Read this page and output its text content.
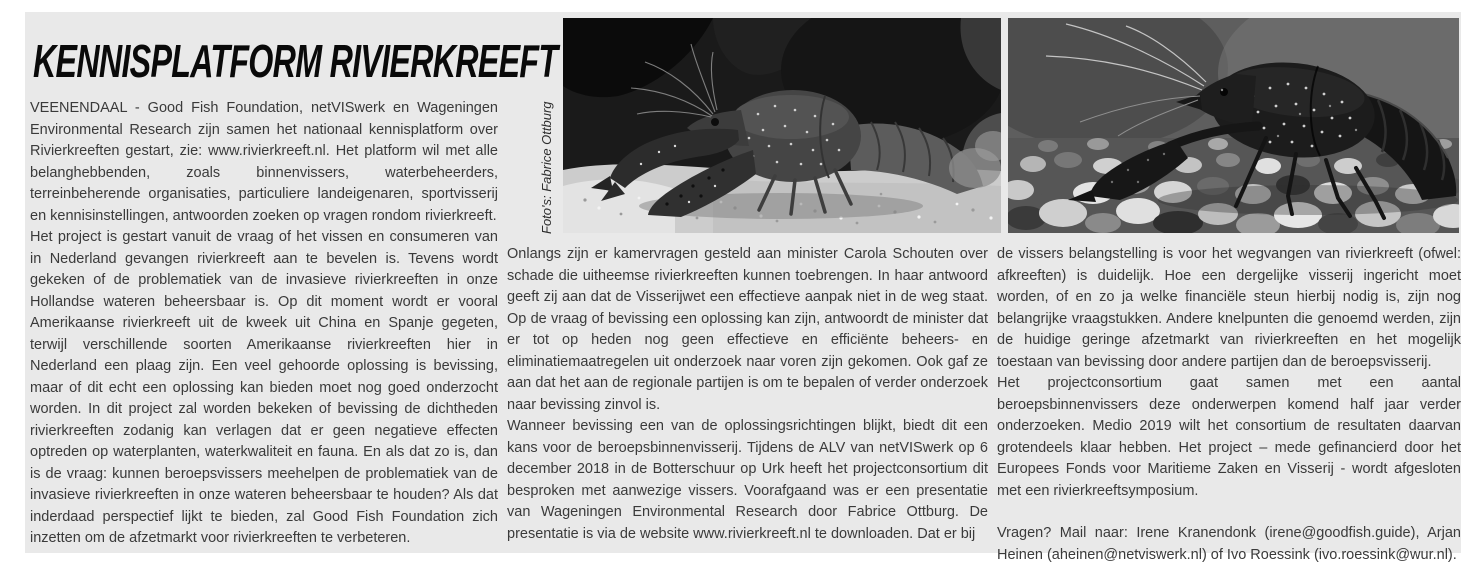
KENNISPLATFORM RIVIERKREEFT
Foto's: Fabrice Ottburg

VEENENDAAL - Good Fish Foundation, netVISwerk en Wageningen Environmental Research zijn samen het nationaal kennisplatform over Rivierkreeften gestart, zie: www.rivierkreeft.nl. Het platform wil met alle belanghebbenden, zoals binnenvissers, waterbeheerders, terreinbeherende organisaties, particuliere landeigenaren, sportvisserij en kennisinstellingen, antwoorden zoeken op vragen rondom rivierkreeft.

Het project is gestart vanuit de vraag of het vissen en consumeren van in Nederland gevangen rivierkreeft aan te bevelen is. Tevens wordt gekeken of de problematiek van de invasieve rivierkreeften in onze Hollandse wateren beheersbaar is. Op dit moment wordt er vooral Amerikaanse rivierkreeft uit de kweek uit China en Spanje gegeten, terwijl verschillende soorten Amerikaanse rivierkreeften hier in Nederland een plaag zijn. Een veel gehoorde oplossing is bevissing, maar of dit echt een oplossing kan bieden moet nog goed onderzocht worden. In dit project zal worden bekeken of bevissing de dichtheden rivierkreeften zodanig kan verlagen dat er geen negatieve effecten optreden op waterplanten, waterkwaliteit en fauna. En als dat zo is, dan is de vraag: kunnen beroepsvissers meehelpen de problematiek van de invasieve rivierkreeften in onze wateren beheersbaar te houden? Als dat inderdaad perspectief lijkt te bieden, zal Good Fish Foundation zich inzetten om de afzetmarkt voor rivierkreeften te verbeteren.

Onlangs zijn er kamervragen gesteld aan minister Carola Schouten over schade die uitheemse rivierkreeften kunnen toebrengen. In haar antwoord geeft zij aan dat de Visserijwet een effectieve aanpak niet in de weg staat. Op de vraag of bevissing een oplossing kan zijn, antwoordt de minister dat er tot op heden nog geen effectieve en efficiënte beheers- en eliminatiemaatregelen uit onderzoek naar voren zijn gekomen. Ook gaf ze aan dat het aan de regionale partijen is om te bepalen of verder onderzoek naar bevissing zinvol is.

Wanneer bevissing een van de oplossingsrichtingen blijkt, biedt dit een kans voor de beroepsbinnenvisserij. Tijdens de ALV van netVISwerk op 6 december 2018 in de Botterschuur op Urk heeft het projectconsortium dit besproken met aanwezige vissers. Voorafgaand was er een presentatie van Wageningen Environmental Research door Fabrice Ottburg. De presentatie is via de website www.rivierkreeft.nl te downloaden. Dat er bij

de vissers belangstelling is voor het wegvangen van rivierkreeft (ofwel: afkreeften) is duidelijk. Hoe een dergelijke visserij ingericht moet worden, of en zo ja welke financiële steun hierbij nodig is, zijn nog belangrijke vraagstukken. Andere knelpunten die genoemd werden, zijn de huidige geringe afzetmarkt van rivierkreeften en het mogelijk toestaan van bevissing door andere partijen dan de beroepsvisserij.

Het projectconsortium gaat samen met een aantal beroepsbinnenvissers deze onderwerpen komend half jaar verder onderzoeken. Medio 2019 wilt het consortium de resultaten daarvan grotendeels klaar hebben. Het project – mede gefinancierd door het Europees Fonds voor Maritieme Zaken en Visserij - wordt afgesloten met een rivierkreeftsymposium.

Vragen? Mail naar: Irene Kranendonk (irene@goodfish.guide), Arjan Heinen (aheinen@netviswerk.nl) of Ivo Roessink (ivo.roessink@wur.nl).
